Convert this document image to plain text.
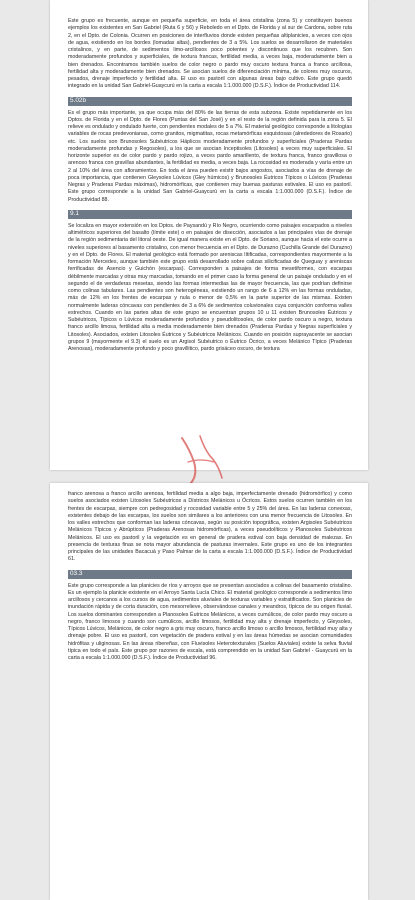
Este grupo es frecuente, aunque en pequeña superficie, en toda el área cristalina (zona 5) y constituyen buenos ejemplos los existentes en San Gabriel (Ruta 6 y 56) y Reboledo en el Dpto. de Florida y al sur de Cardona, sobre ruta 2, en el Dpto. de Colonia. Ocurren en posiciones de interfluvios donde existen pequeñas altiplanicies, a veces con ojos de agua, existiendo en los bordes (lomadas altas), pendientes de 3 a 5%. Los suelos se desarrollaron de materiales cristalinos, y en parte, de sedimentos limo-arcillosos poco potentes y discontinuos que los recubren. Son moderadamente profundos y superficiales, de textura francas, fertilidad media, a veces baja, moderadamente bien a bien drenados. Encontramos también suelos de color negro o pardo muy oscuro textura franca a franco arcillosa, fertilidad alta y moderadamente bien drenados. Se asocian suelos de diferenciación mínima, de colores muy oscuros, pesados, drenaje imperfecto y fertilidad alta. El uso es pastoril con algunas áreas bajo cultivo. Este grupo quedó integrado en la unidad San Gabriel-Guaycurú en la carta a escala 1:1.000.000 (D.S.F.). Índice de Productividad 114.

5.02b

Es el grupo más importante, ya que ocupa más del 80% de las tierras de esta subzona. Existe repetidamente en los Dptos. de Florida y en el Dpto. de Flores (Puntas del San José) y en el resto de la región definida para la zona 5. El relieve es ondulado y ondulado fuerte, con pendientes modales de 5 a 7%. El material geológico corresponde a litologías variables de rocas predevonianas, como granitos, migmatitas, rocas metamórficas esquistosas (alrededores de Rosario) etc. Los suelos son Brunosoles Subéutricos Háplicos moderadamente profundos y superficiales (Praderas Pardas moderadamente profundas y Regosoles), a los que se asocian Inceptisoles (Litosoles) a veces muy superficiales. El horizonte superior es de color pardo y pardo rojizo, a veces pardo amarillento, de textura franca, franco gravillosa o arenoso franca con gravillas abundantes, la fertilidad es media, a veces baja. La rocosidad es moderada y varía entre un 2 al 10% del área con afloramientos. En toda el área pueden existir bajos angostos, asociados a vías de drenaje de poca importancia, que contienen Gleysoles Lúvicos (Gley húmicos) y Brunosoles Éutricos Típicos o Lúvicos (Praderas Negras y Praderas Pardas máximas), hidromórficas, que contienen muy buenas pasturas estivales. El uso es pastoril. Este grupo corresponde a la unidad San Gabriel-Guaycurú en la carta a escala 1:1.000.000 (D.S.F.). Índice de Productividad 88.

9.1

Se localiza en mayor extensión en los Dptos. de Paysandú y Río Negro, ocurriendo como paisajes escarpados a niveles altimétricos superiores del basalto (límite este) o en paisajes de disección, asociados a las principales vías de drenaje de la región sedimentaria del litoral oeste. De igual manera existe en el Dpto. de Soriano, aunque hacia el este ocurre a niveles superiores al basamento cristalino, con menor frecuencia en el Dpto. de Durazno (Cuchilla Grande del Durazno) y en el Dpto. de Flores. El material geológico está formado por areniscas lítificadas, correspondientes mayormente a la formación Mercedes, aunque también este grupo está desarrollado sobre calizas silicificadas de Queguay y areniscas ferrificadas de Asencio y Guichón (escarpas). Corresponden a paisajes de forma mesetiformes, con escarpas débilmente marcadas y otras muy marcadas, tomando en el primer caso la forma general de un paisaje ondulado y en el segundo el de verdaderas mesetas, siendo las formas intermedias las de mayor frecuencia, las que podrían definirse como colinas tabulares. Las pendientes son heterogéneas, existiendo un rango de 6 a 12% en las formas onduladas, más de 12% en los frentes de escarpas y nula o menor de 0,5% en la parte superior de las mismas. Existen normalmente laderas cóncavas con pendientes de 3 a 6% de sedimentos coluvionales cuya conjunción conforma valles estrechos. Cuando en las partes altas de este grupo se encuentran grupos 10 u 11 existen Brunosoles Éutricos y Subéutricos, Típicos o Lúvicos moderadamente profundos y pseudolitosoles, de color pardo oscuro a negro, textura franco arcillo limosa, fertilidad alta a media moderadamente bien drenados (Praderas Pardas y Negras superficiales y Litosoles). Asociados, existen Litosoles Éutricos y Subéutricos Melánicos. Cuando en posición suprayacente se asocian grupos 9 (mayormente el 9.3) el suelo es un Argisol Subéutrico o Éutrico Ócrico, a veces Melánico Típico (Praderas Arenosas), moderadamente profundo y poco gravillitico, pardo grisáceo oscuro, de textura

franco arenosa a franco arcillo arenosa, fertilidad media a algo baja, imperfectamente drenado (hidromórfico) y como suelos asociados existen Litosoles Subéutricos a Dístricos Melánicos u Ócricos. Estos suelos ocurren también en los frentes de escarpas, siempre con pedregosidad y rocosidad variable entre 5 y 25% del área. En las laderas convexas, existentes debajo de las escarpas, los suelos son similares a los anteriores con una menor frecuencia de Litosoles. En los valles estrechos que conforman las laderas cóncavas, según su posición topográfica, existen Argisoles Subéutricos Melánicos Típicos y Abrúpticos (Praderas Arenosas hidromórficas), a veces pseudolíticos y Planosoles Subéutricos Melánicos. El uso es pastoril y la vegetación es en general de pradera estival con baja densidad de malezas. En presencia de texturas finas se nota mayor abundancia de pasturas invernales. Este grupo es uno de los integrantes principales de las unidades Bacacuá y Paso Palmar de la carta a escala 1:1.000.000 (D.S.F.). Índice de Productividad 61.

03.3

Este grupo corresponde a las planicies de ríos y arroyos que se presentan asociados a colinas del basamento cristalino. Es un ejemplo la planicie existente en el Arroyo Santa Lucía Chico. El material geológico corresponde a sedimentos limo arcillosos y cercanos a los cursos de agua, sedimentos aluviales de texturas variables y estratificados. Son planicies de inundación rápida y de corta duración, con mesorrelieve, observándose canales y meandros, típicos de su origen fluvial. Los suelos dominantes corresponden a Planosoles Éutricos Melánicos, a veces cumúlicos, de color pardo muy oscuro a negro, franco limosos y cuando son cumúlicos, arcillo limosos, fertilidad muy alta y drenaje imperfecto, y Gleysoles, Típicos Lúvicos, Melánicos, de color negro a gris muy oscuro, franco arcillo limoso o arcillo limosos, fertilidad muy alta y drenaje pobre. El uso es pastoril, con vegetación de pradera estival y en las áreas húmedas se asocian comunidades hidrófitas y uliginosas. En las áreas ribereñas, con Fluvisoles Heterotexturales (Suelos Aluviales) existe la selva fluvial típica en todo el país. Este grupo por razones de escala, está comprendido en la unidad San Gabriel - Guaycurú en la carta a escala 1:1.000.000 (D.S.F.). Índice de Productividad 96.
